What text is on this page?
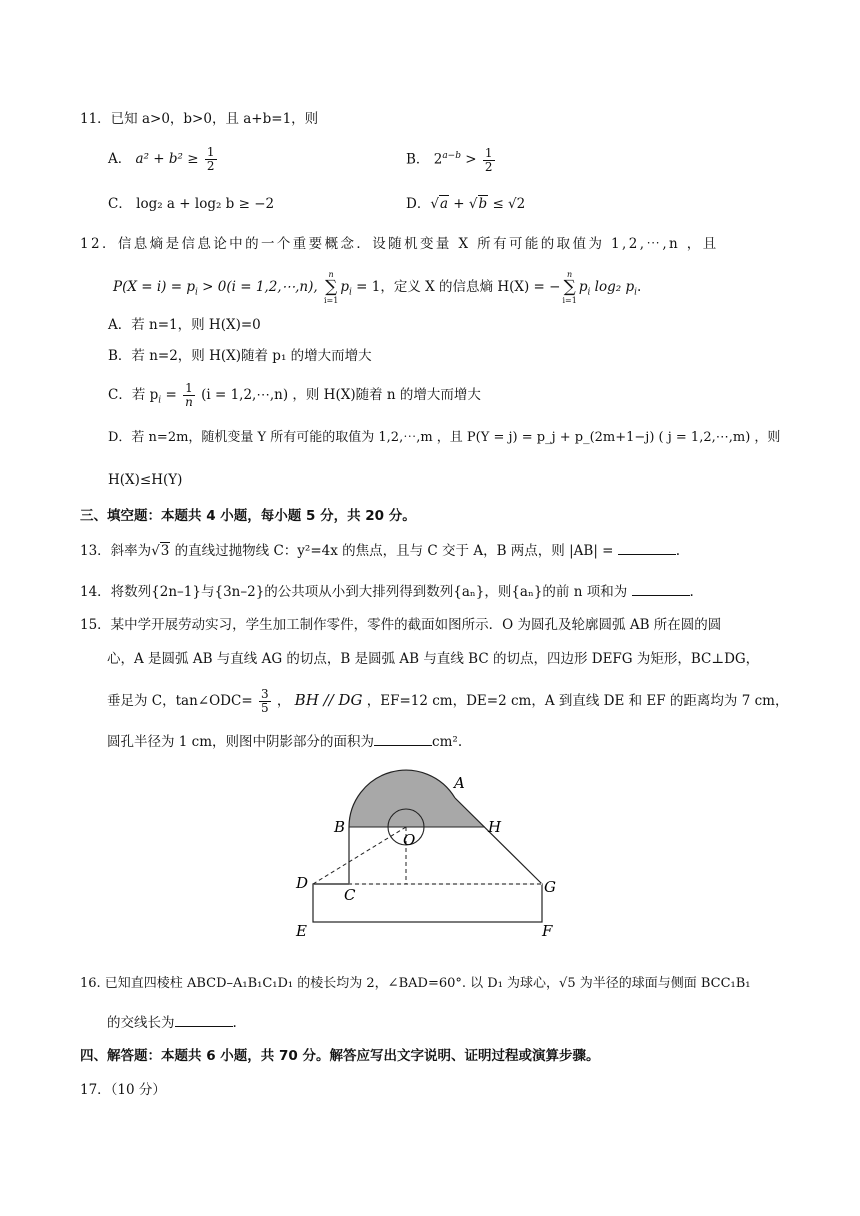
11．已知 a>0，b>0，且 a+b=1，则
A． $a^2 + b^2 \ge \frac{1}{2}$	B． $2^{a-b} > \frac{1}{2}$
C． log₂ a + log₂ b ≥ −2	D．√a + √b ≤ √2
12．信息熵是信息论中的一个重要概念．设随机变量 X 所有可能的取值为 1,2,⋯,n ，且
$P(X = i) = p_i > 0(i$ = 1,2,⋯,n),
n
∑
i=1
$p_i = 1$，定义 X 的信息熵 H(X) = −
n
∑
i=1
$p_i$ log₂ $p_i$.
A．若 n=1，则 H(X)=0
B．若 n=2，则 H(X)随着 p₁ 的增大而增大
C．若 $p_i = \frac{1}{n} (i$ = 1,2,⋯,n) ，则 H(X)随着 n 的增大而增大
D．若 n=2m，随机变量 Y 所有可能的取值为 1,2,⋯,m ，且 P(Y = j) = p_j + p_(2m+1−j) ( j = 1,2,⋯,m) ，则
H(X)≤H(Y)
三、填空题：本题共 4 小题，每小题 5 分，共 20 分。
13．斜率为√3 的直线过抛物线 C：y²=4x 的焦点，且与 C 交于 A，B 两点，则 |AB| =	.
14．将数列{2n–1}与{3n–2}的公共项从小到大排列得到数列{aₙ}，则{aₙ}的前 n 项和为	.
15．某中学开展劳动实习，学生加工制作零件，零件的截面如图所示．O 为圆孔及轮廓圆弧 AB 所在圆的圆
心，A 是圆弧 AB 与直线 AG 的切点，B 是圆弧 AB 与直线 BC 的切点，四边形 DEFG 为矩形，BC⊥DG，
垂足为 C，tan∠ODC= $\frac{3}{5}$ ， BH // DG ，EF=12 cm，DE=2 cm，A 到直线 DE 和 EF 的距离均为 7 cm，
圆孔半径为 1 cm，则图中阴影部分的面积为	cm².
A
B	H
O
D
C	G
E	F
16. 已知直四棱柱 ABCD–A₁B₁C₁D₁ 的棱长均为 2，∠BAD=60°. 以 D₁ 为球心，√5 为半径的球面与侧面 BCC₁B₁
的交线长为	.
四、解答题：本题共 6 小题，共 70 分。解答应写出文字说明、证明过程或演算步骤。
17．（10 分）
